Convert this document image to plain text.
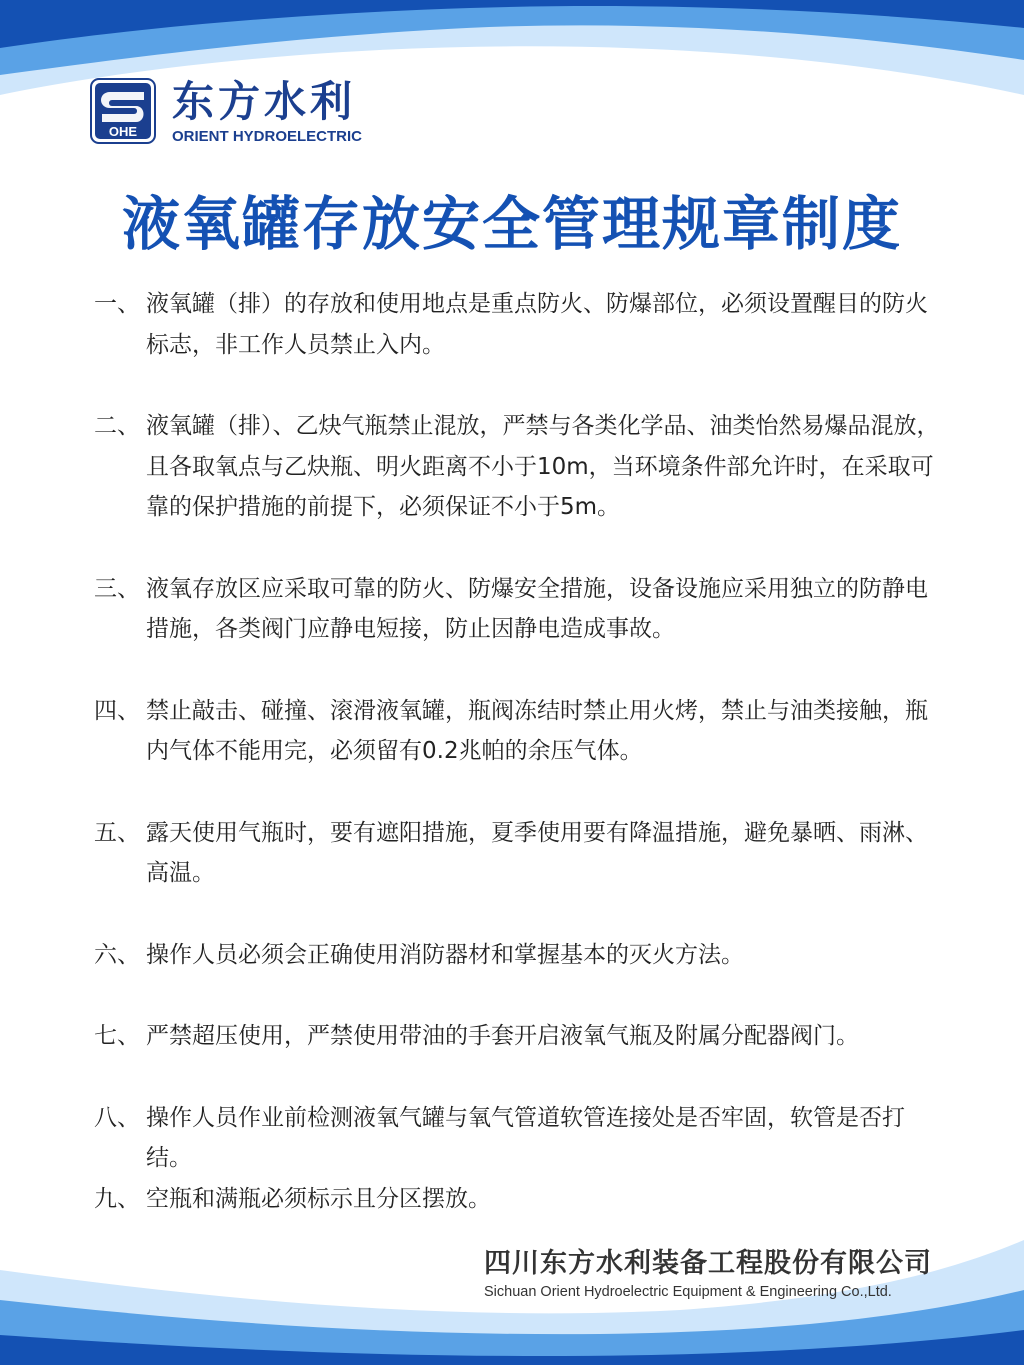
OHE
东方水利
ORIENT HYDROELECTRIC
液氧罐存放安全管理规章制度
一、 液氧罐（排）的存放和使用地点是重点防火、防爆部位，必须设置醒目的防火标志，非工作人员禁止入内。
二、 液氧罐（排）、乙炔气瓶禁止混放，严禁与各类化学品、油类怡然易爆品混放，且各取氧点与乙炔瓶、明火距离不小于10m，当环境条件部允许时，在采取可靠的保护措施的前提下，必须保证不小于5m。
三、 液氧存放区应采取可靠的防火、防爆安全措施，设备设施应采用独立的防静电措施，各类阀门应静电短接，防止因静电造成事故。
四、 禁止敲击、碰撞、滚滑液氧罐，瓶阀冻结时禁止用火烤，禁止与油类接触，瓶内气体不能用完，必须留有0.2兆帕的余压气体。
五、 露天使用气瓶时，要有遮阳措施，夏季使用要有降温措施，避免暴晒、雨淋、高温。
六、 操作人员必须会正确使用消防器材和掌握基本的灭火方法。
七、 严禁超压使用，严禁使用带油的手套开启液氧气瓶及附属分配器阀门。
八、 操作人员作业前检测液氧气罐与氧气管道软管连接处是否牢固，软管是否打结。
九、 空瓶和满瓶必须标示且分区摆放。
四川东方水利装备工程股份有限公司
Sichuan Orient Hydroelectric Equipment & Engineering Co.,Ltd.
